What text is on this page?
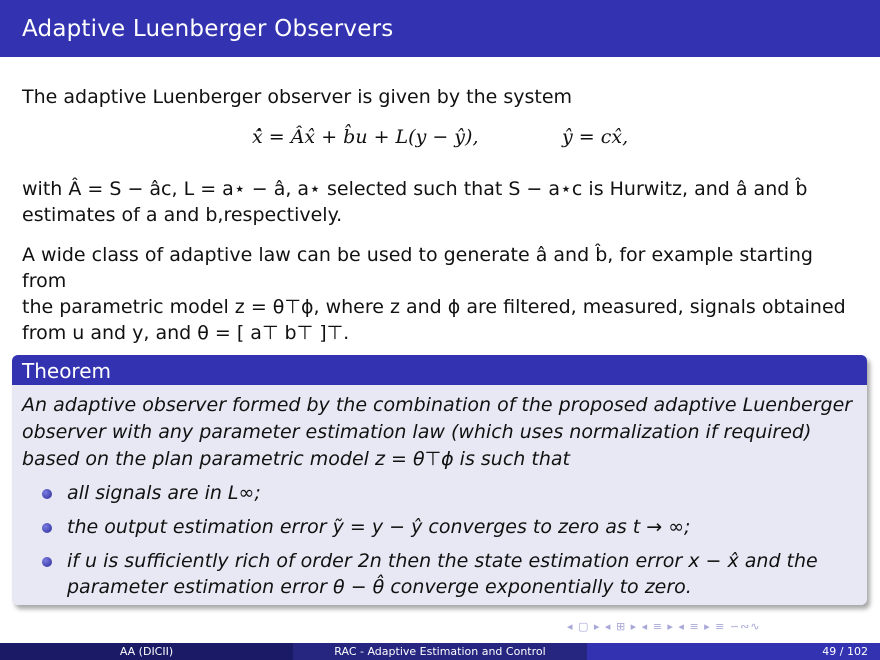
Adaptive Luenberger Observers

The adaptive Luenberger observer is given by the system

x̂̇ = Âx̂ + b̂u + L(y − ŷ),	ŷ = cx̂,
with Â = S − âc, L = a⋆ − â, a⋆ selected such that S − a⋆c is Hurwitz, and â and b̂
estimates of a and b,respectively.
A wide class of adaptive law can be used to generate â and b̂, for example starting from
the parametric model z = θ⊤ϕ, where z and ϕ are filtered, measured, signals obtained
from u and y, and θ = [ a⊤ b⊤ ]⊤.
Theorem
An adaptive observer formed by the combination of the proposed adaptive Luenberger observer with any parameter estimation law (which uses normalization if required) based on the plan parametric model z = θ⊤ϕ is such that
all signals are in L∞;
the output estimation error ỹ = y − ŷ converges to zero as t → ∞;
if u is sufficiently rich of order 2n then the state estimation error x − x̂ and the parameter estimation error θ − θ̂ converge exponentially to zero.
◂ ▢ ▸ ◂ ⊞ ▸ ◂ ≡ ▸ ◂ ≡ ▸ ≡ ∽∾∿
AA (DICII)	RAC - Adaptive Estimation and Control	49 / 102
